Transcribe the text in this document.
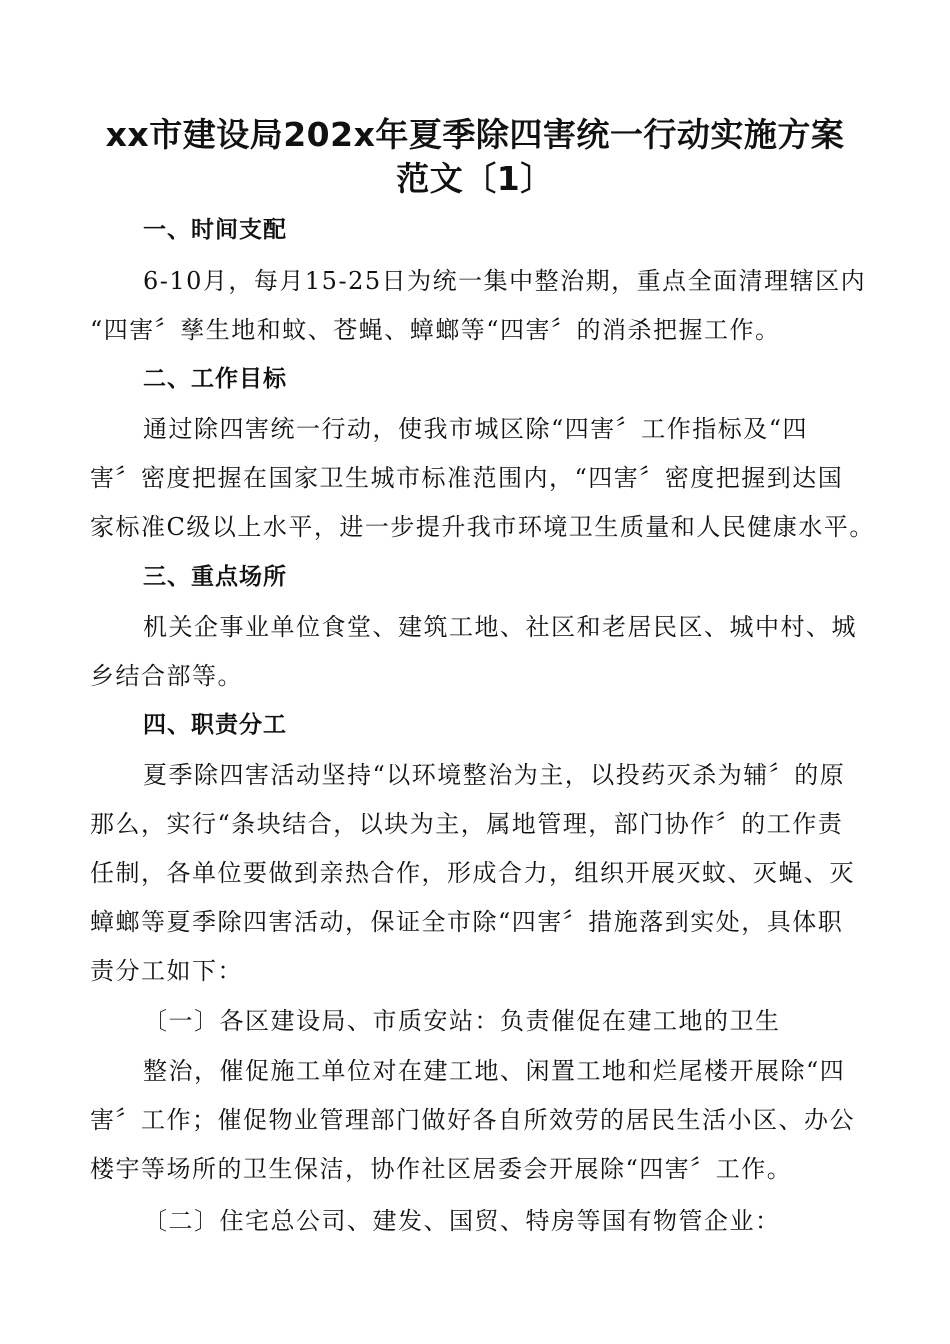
xx市建设局202x年夏季除四害统一行动实施方案
范文〔1〕
一、时间支配
6-10月，每月15-25日为统一集中整治期，重点全面清理辖区内
“四害〞孳生地和蚊、苍蝇、蟑螂等“四害〞的消杀把握工作。
二、工作目标
通过除四害统一行动，使我市城区除“四害〞工作指标及“四
害〞密度把握在国家卫生城市标准范围内，“四害〞密度把握到达国
家标准C级以上水平，进一步提升我市环境卫生质量和人民健康水平。
三、重点场所
机关企事业单位食堂、建筑工地、社区和老居民区、城中村、城
乡结合部等。
四、职责分工
夏季除四害活动坚持“以环境整治为主，以投药灭杀为辅〞的原
那么，实行“条块结合，以块为主，属地管理，部门协作〞的工作责
任制，各单位要做到亲热合作，形成合力，组织开展灭蚊、灭蝇、灭
蟑螂等夏季除四害活动，保证全市除“四害〞措施落到实处，具体职
责分工如下：
〔一〕各区建设局、市质安站：负责催促在建工地的卫生
整治，催促施工单位对在建工地、闲置工地和烂尾楼开展除“四
害〞工作；催促物业管理部门做好各自所效劳的居民生活小区、办公
楼宇等场所的卫生保洁，协作社区居委会开展除“四害〞工作。
〔二〕住宅总公司、建发、国贸、特房等国有物管企业：
